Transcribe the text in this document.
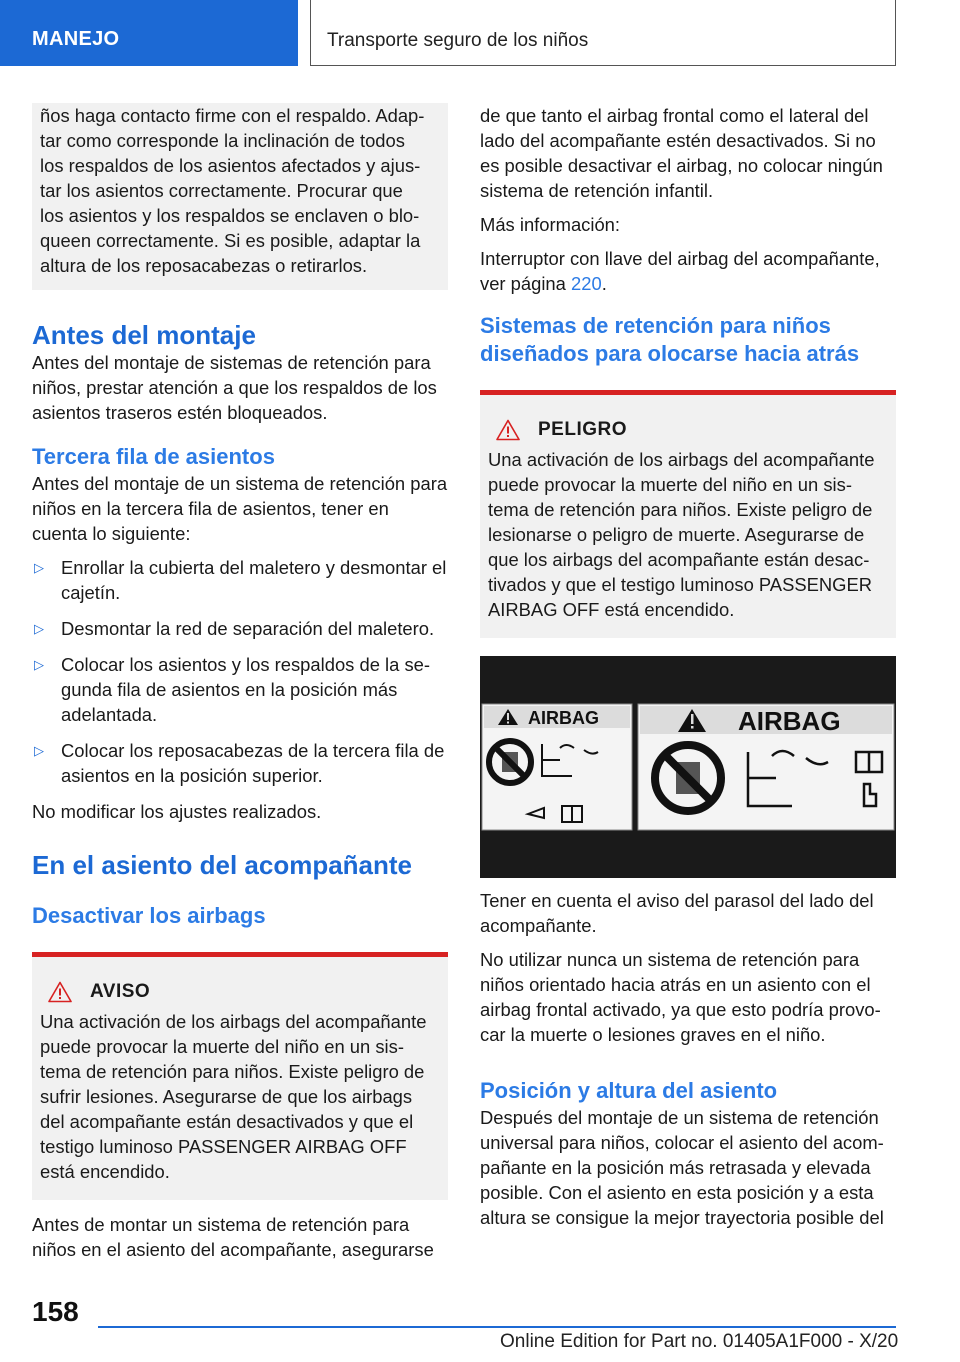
MANEJO	Transporte seguro de los niños

ños haga contacto firme con el respaldo. Adap‐

tar como corresponde la inclinación de todos

los respaldos de los asientos afectados y ajus‐

tar los asientos correctamente. Procurar que

los asientos y los respaldos se enclaven o blo‐

queen correctamente. Si es posible, adaptar la

altura de los reposacabezas o retirarlos.

Antes del montaje

Antes del montaje de sistemas de retención para niños, prestar atención a que los respaldos de los asientos traseros estén bloqueados.

Tercera fila de asientos

Antes del montaje de un sistema de retención para niños en la tercera fila de asientos, tener en cuenta lo siguiente:

▷ Enrollar la cubierta del maletero y desmontar el cajetín.
▷ Desmontar la red de separación del maletero.
▷ Colocar los asientos y los respaldos de la se‐gunda fila de asientos en la posición más adelantada.
▷ Colocar los reposacabezas de la tercera fila de asientos en la posición superior.

No modificar los ajustes realizados.

En el asiento del acompañante
Desactivar los airbags
AVISO

Una activación de los airbags del acompañante puede provocar la muerte del niño en un sis‐tema de retención para niños. Existe peligro de sufrir lesiones. Asegurarse de que los airbags del acompañante están desactivados y que el testigo luminoso PASSENGER AIRBAG OFF está encendido.

Antes de montar un sistema de retención para niños en el asiento del acompañante, asegurarse

de que tanto el airbag frontal como el lateral del lado del acompañante estén desactivados. Si no es posible desactivar el airbag, no colocar ningún sistema de retención infantil.

Más información:

Interruptor con llave del airbag del acompañante, ver página 220.

Sistemas de retención para niños diseñados para olocarse hacia atrás
PELIGRO

Una activación de los airbags del acompañante puede provocar la muerte del niño en un sis‐tema de retención para niños. Existe peligro de lesionarse o peligro de muerte. Asegurarse de que los airbags del acompañante están desac‐tivados y que el testigo luminoso PASSENGER AIRBAG OFF está encendido.

AIRBAG	AIRBAG

Tener en cuenta el aviso del parasol del lado del acompañante.

No utilizar nunca un sistema de retención para niños orientado hacia atrás en un asiento con el airbag frontal activado, ya que esto podría provo‐car la muerte o lesiones graves en el niño.

Posición y altura del asiento

Después del montaje de un sistema de retención universal para niños, colocar el asiento del acom‐pañante en la posición más retrasada y elevada posible. Con el asiento en esta posición y a esta altura se consigue la mejor trayectoria posible del

158
Online Edition for Part no. 01405A1F000 - X/20
